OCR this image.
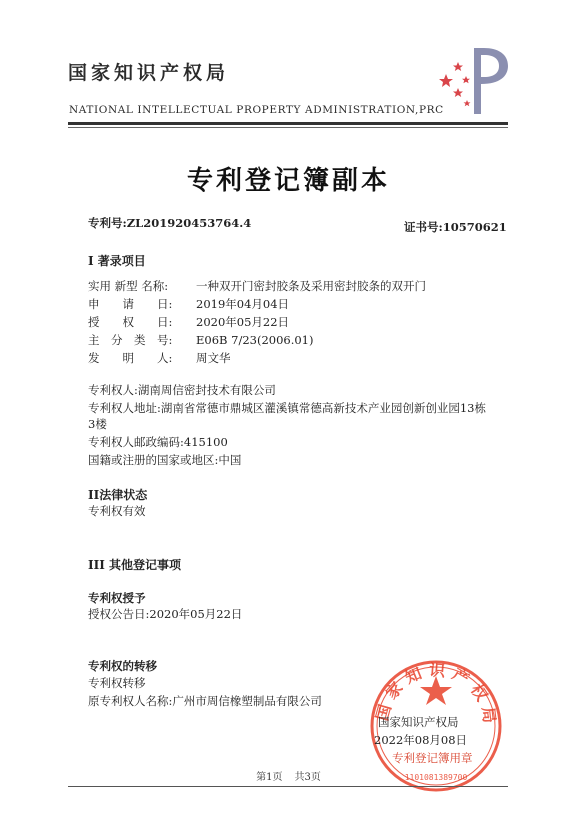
国家知识产权局
NATIONAL INTELLECTUAL PROPERTY ADMINISTRATION,PRC
专利登记簿副本
专利号:ZL201920453764.4	证书号:10570621
I 著录项目
实用 新型 名称: 一种双开门密封胶条及采用密封胶条的双开门
申　　请　　日: 2019年04月04日
授　　权　　日: 2020年05月22日
主　分　类　号: E06B 7/23(2006.01)
发　　明　　人: 周文华
专利权人:湖南周信密封技术有限公司
专利权人地址:湖南省常德市鼎城区灌溪镇常德高新技术产业园创新创业园13栋
3楼
专利权人邮政编码:415100
国籍或注册的国家或地区:中国
II法律状态
专利权有效
III 其他登记事项
专利权授予
授权公告日:2020年05月22日
专利权的转移
专利权转移
原专利权人名称:广州市周信橡塑制品有限公司	国家知识产权局
1101081389700
国家知识产权局
2022年08月08日
专利登记簿用章
第1页 共3页
